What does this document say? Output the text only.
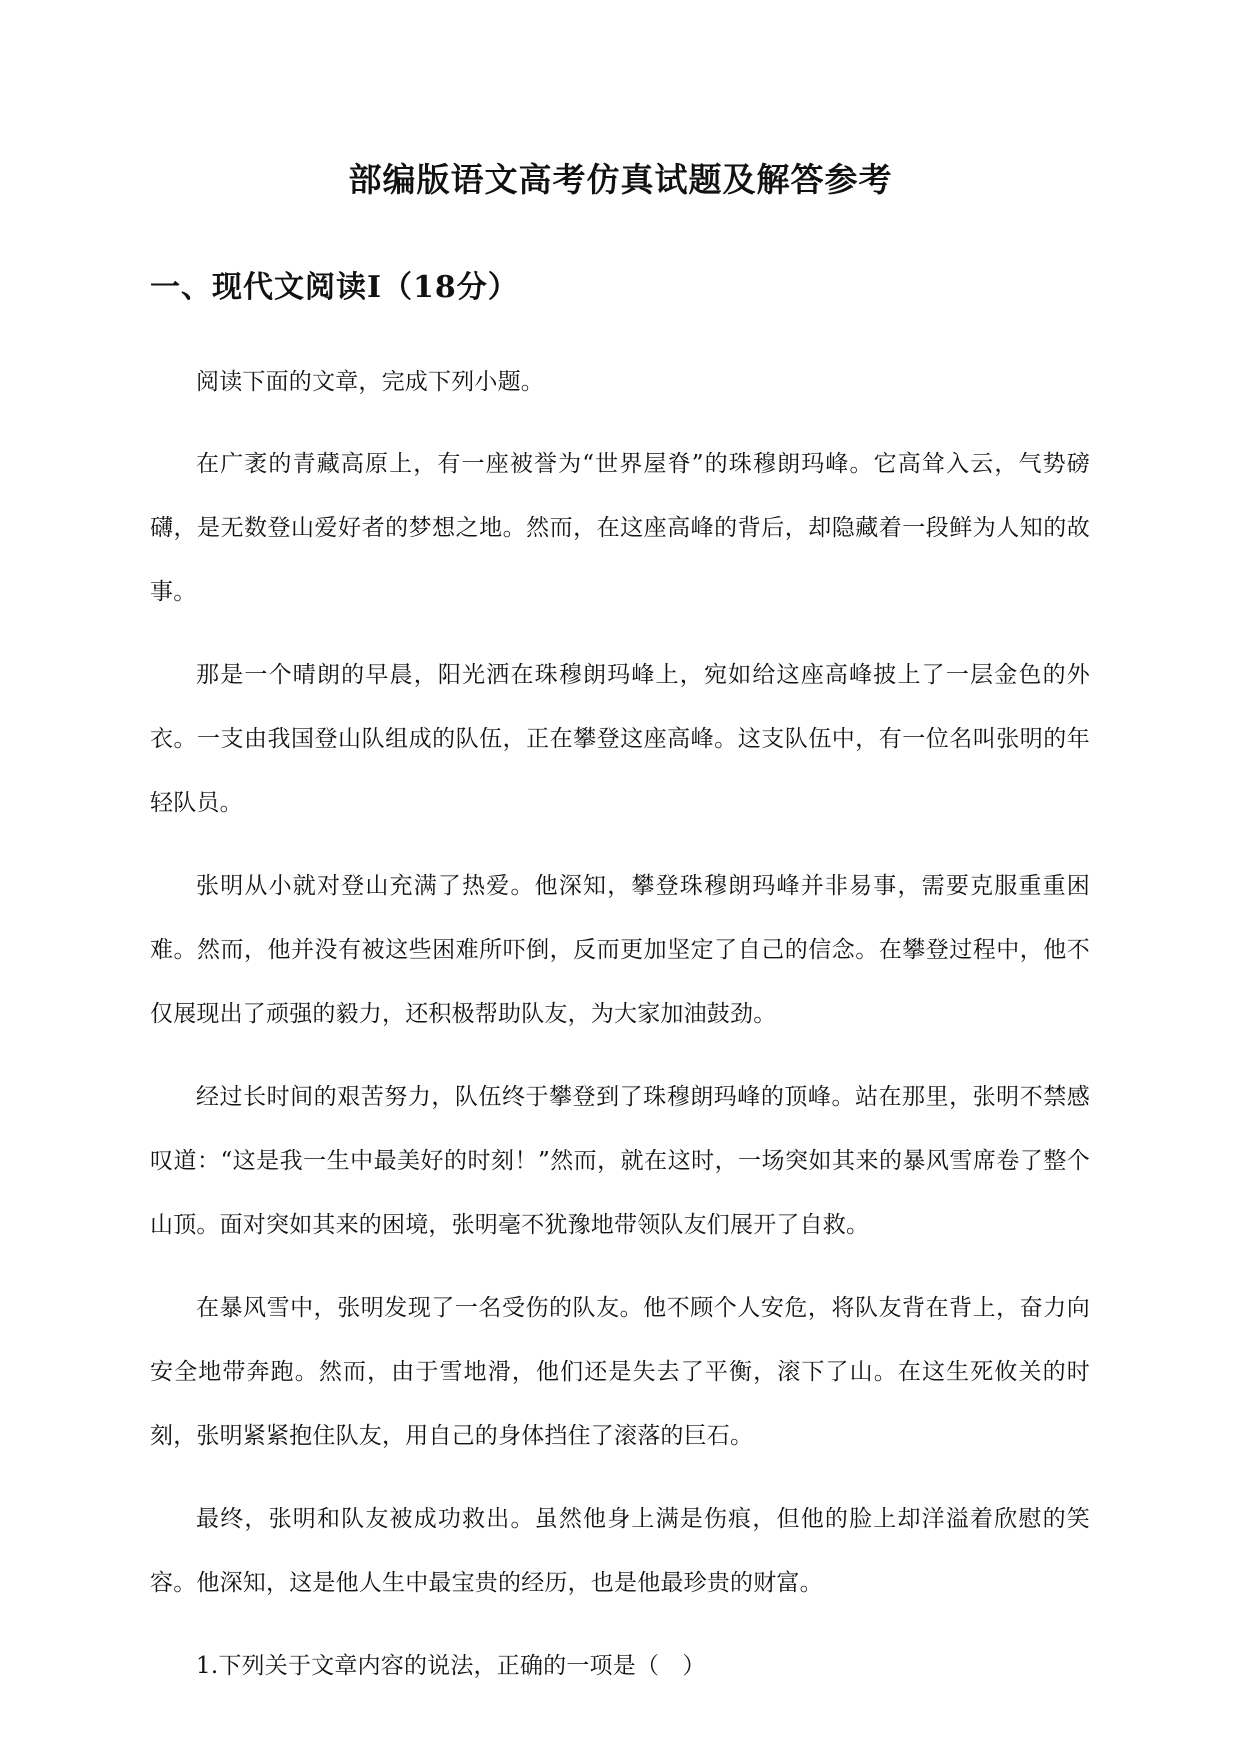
部编版语文高考仿真试题及解答参考
一、现代文阅读Ⅰ（18分）

阅读下面的文章，完成下列小题。

在广袤的青藏高原上，有一座被誉为“世界屋脊”的珠穆朗玛峰。它高耸入云，气势磅礴，是无数登山爱好者的梦想之地。然而，在这座高峰的背后，却隐藏着一段鲜为人知的故事。

那是一个晴朗的早晨，阳光洒在珠穆朗玛峰上，宛如给这座高峰披上了一层金色的外衣。一支由我国登山队组成的队伍，正在攀登这座高峰。这支队伍中，有一位名叫张明的年轻队员。

张明从小就对登山充满了热爱。他深知，攀登珠穆朗玛峰并非易事，需要克服重重困难。然而，他并没有被这些困难所吓倒，反而更加坚定了自己的信念。在攀登过程中，他不仅展现出了顽强的毅力，还积极帮助队友，为大家加油鼓劲。

经过长时间的艰苦努力，队伍终于攀登到了珠穆朗玛峰的顶峰。站在那里，张明不禁感叹道：“这是我一生中最美好的时刻！”然而，就在这时，一场突如其来的暴风雪席卷了整个山顶。面对突如其来的困境，张明毫不犹豫地带领队友们展开了自救。

在暴风雪中，张明发现了一名受伤的队友。他不顾个人安危，将队友背在背上，奋力向安全地带奔跑。然而，由于雪地滑，他们还是失去了平衡，滚下了山。在这生死攸关的时刻，张明紧紧抱住队友，用自己的身体挡住了滚落的巨石。

最终，张明和队友被成功救出。虽然他身上满是伤痕，但他的脸上却洋溢着欣慰的笑容。他深知，这是他人生中最宝贵的经历，也是他最珍贵的财富。

1.下列关于文章内容的说法，正确的一项是（　）
